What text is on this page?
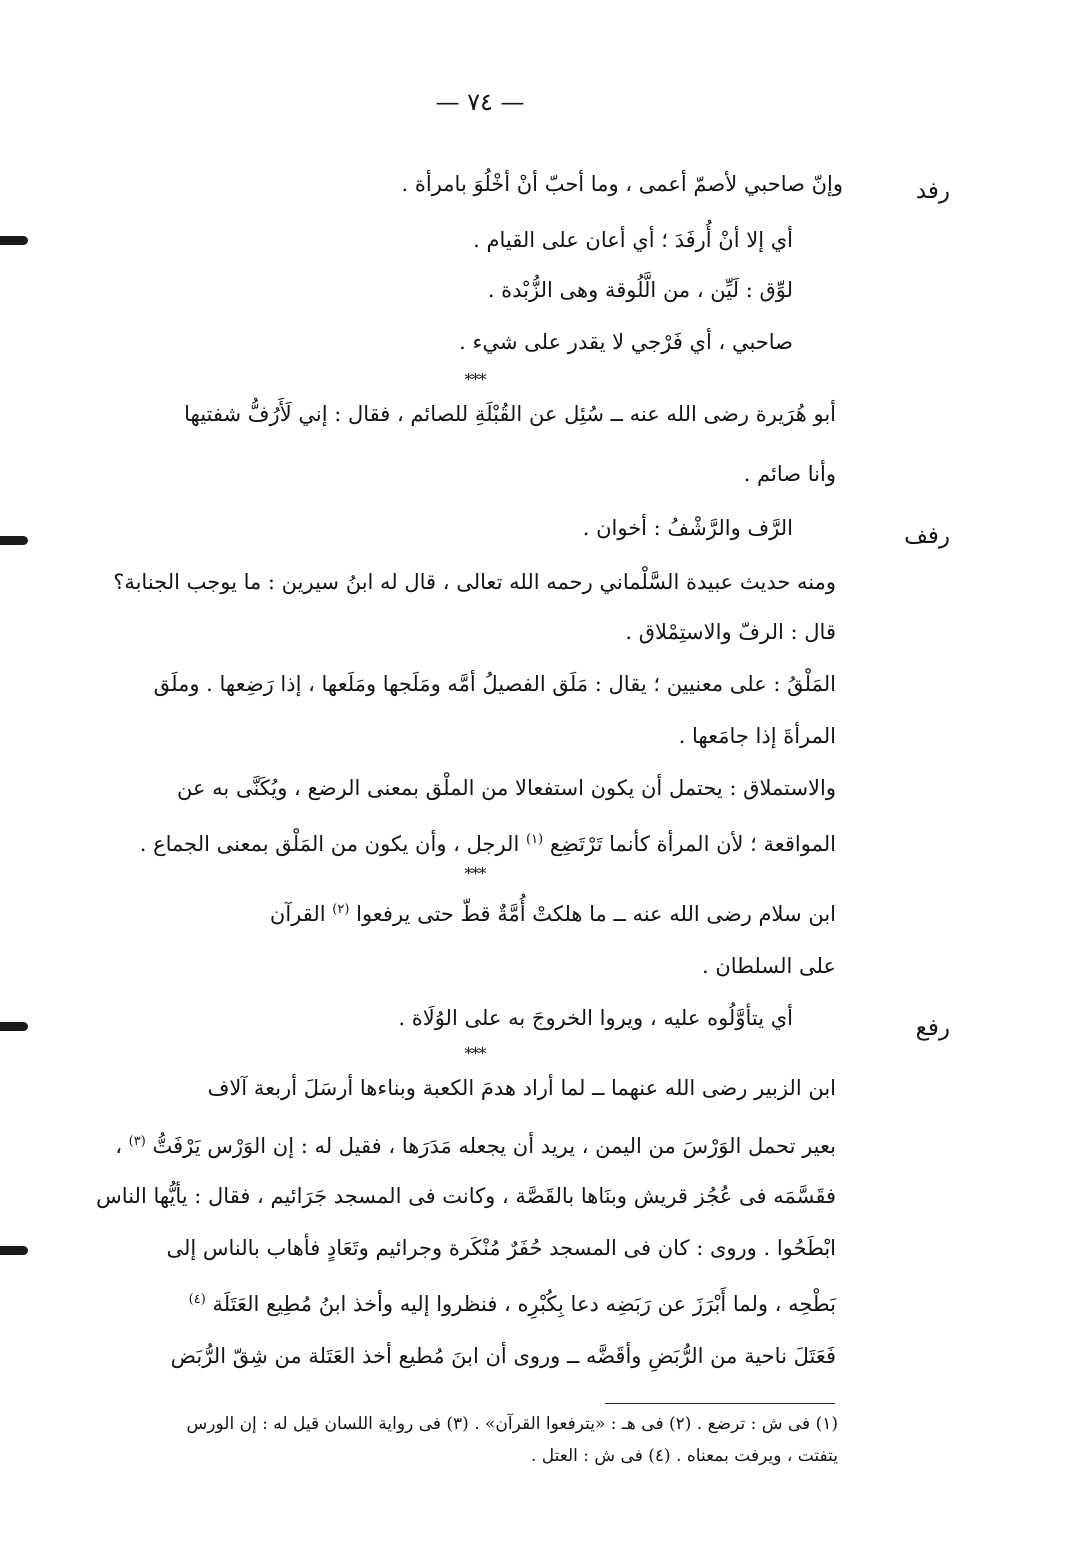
— ٧٤ —
رفد
رفف
رفع
وإنّ صاحبي لأصمّ أعمى ، وما أحبّ أنْ أخْلُوَ بامرأة .
أي إلا أنْ أُرفَدَ ؛ أي أعان على القيام .
لوِّق : لَيِّن ، من الَّلُوقة وهى الزُّبْدة .
صاحبي ، أي فَرْجي لا يقدر على شيء .
***
أبو هُرَيرة رضى الله عنه ــ سُئِل عن القُبْلَةِ للصائم ، فقال : إني لَأَرُفُّ شفتيها
وأنا صائم .
الرَّف والرَّشْفُ : أخوان .
ومنه حديث عبيدة السَّلْماني رحمه الله تعالى ، قال له ابنُ سيرين : ما يوجب الجنابة؟
قال : الرفّ والاستِمْلاق .
المَلْقُ : على معنيين ؛ يقال : مَلَق الفصيلُ أمَّه ومَلَجها ومَلَعها ، إذا رَضِعها . وملَق
المرأةَ إذا جامَعها .
والاستملاق : يحتمل أن يكون استفعالا من الملْق بمعنى الرضع ، ويُكَنَّى به عن
المواقعة ؛ لأن المرأة كأنما تَرْتَضِع $^{(١)}$ الرجل ، وأن يكون من المَلْق بمعنى الجماع .
***
ابن سلام رضى الله عنه ــ ما هلكتْ أُمَّةٌ قطّ حتى يرفعوا $^{(٢)}$ القرآن
على السلطان .
أي يتأوَّلُوه عليه ، ويروا الخروجَ به على الوُلَاة .
***
ابن الزبير رضى الله عنهما ــ لما أراد هدمَ الكعبة وبناءها أرسَلَ أربعة آلاف
بعير تحمل الوَرْسَ من اليمن ، يريد أن يجعله مَدَرَها ، فقيل له : إن الوَرْس يَرْفَتُّ $^{(٣)}$ ،
فقَسَّمَه فى عُجُز قريش وبنَاها بالقَصَّة ، وكانت فى المسجد جَرَائيم ، فقال : يأيُّها الناس
ابْطَحُوا . وروى : كان فى المسجد حُفَرٌ مُنْكَرة وجرائيم وتَعَادٍ فأهاب بالناس إلى
بَطْحِه ، ولما أَبْرَزَ عن رَبَضِه دعا بِكُبْرِه ، فنظروا إليه وأخذ ابنُ مُطِيع العَتَلَة $^{(٤)}$
فَعَتَلَ ناحية من الرُّبَضِ وأقَضَّه ــ وروى أن ابنَ مُطيع أخذ العَتَلة من شِقّ الرُّبَض
(١) فى ش : ترضع . (٢) فى هـ : «يترفعوا القرآن» . (٣) فى رواية اللسان قيل له : إن الورس
يتفتت ، ويرفت بمعناه . (٤) فى ش : العتل .
